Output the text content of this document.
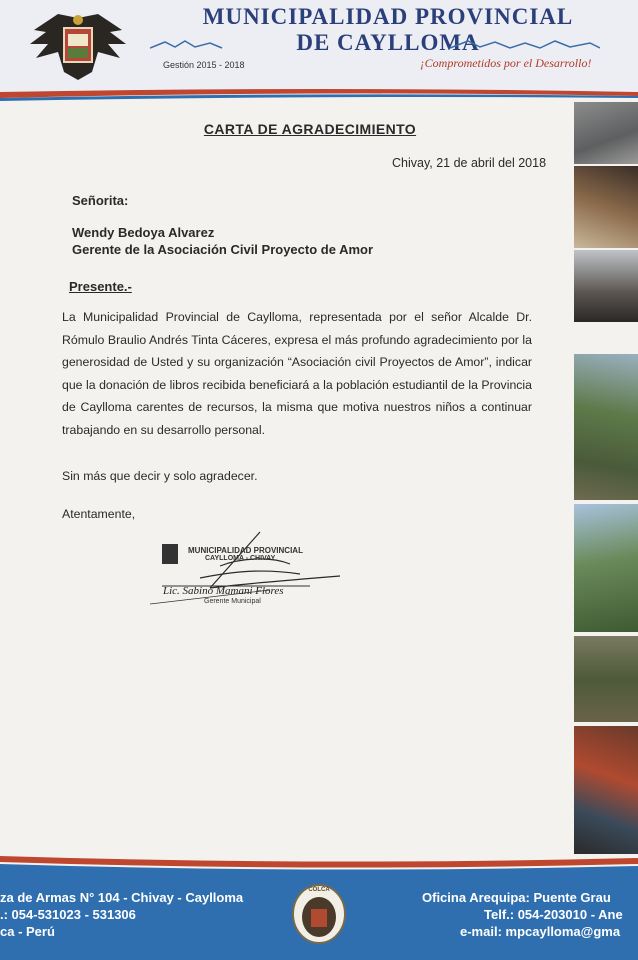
MUNICIPALIDAD PROVINCIAL
DE CAYLLOMA
Gestión 2015 - 2018	¡Comprometidos por el Desarrollo!
CARTA DE AGRADECIMIENTO
Chivay, 21 de abril del 2018
Señorita:
Wendy Bedoya Alvarez
Gerente de la Asociación Civil Proyecto de Amor
Presente.-

La Municipalidad Provincial de Caylloma, representada por el señor Alcalde Dr. Rómulo Braulio Andrés Tinta Cáceres, expresa el más profundo agradecimiento por la generosidad de Usted y su organización “Asociación civil Proyectos de Amor”, indicar que la donación de libros recibida beneficiará a la población estudiantil de la Provincia de Caylloma carentes de recursos, la misma que motiva nuestros niños a continuar trabajando en su desarrollo personal.

Sin más que decir y solo agradecer.
Atentamente,
MUNICIPALIDAD PROVINCIAL
CAYLLOMA - CHIVAY
Lic. Sabino Mamani Flores
Gerente Municipal
za de Armas N° 104 - Chivay - Caylloma
.: 054-531023 - 531306
ca - Perú
COLCA	Oficina Arequipa: Puente Grau
Telf.: 054-203010 - Ane
e-mail: mpcaylloma@gma
